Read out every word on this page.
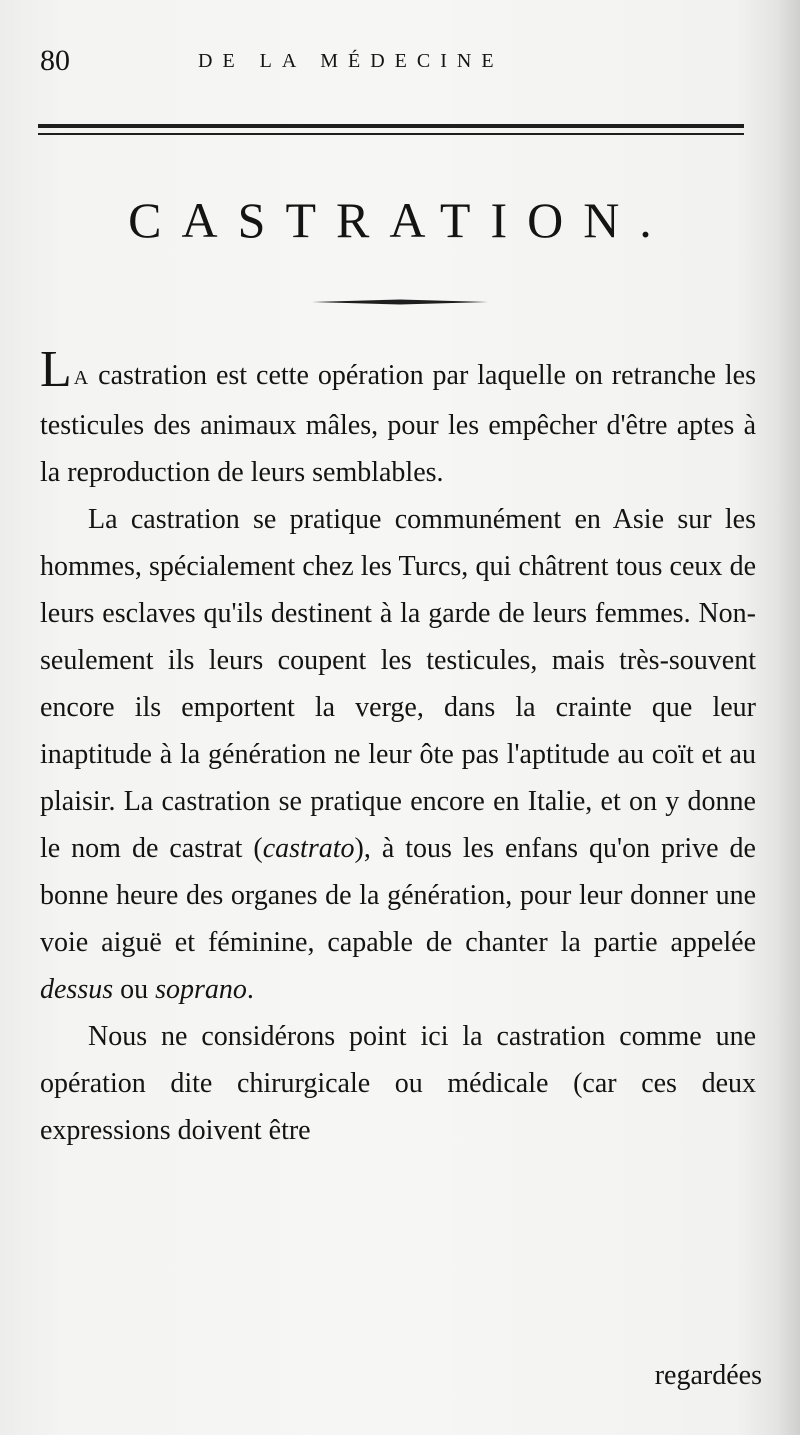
80	DE LA MÉDECINE
CASTRATION.

L A castration est cette opération par laquelle on retranche les testicules des animaux mâles, pour les empêcher d'être aptes à la reproduction de leurs semblables.

La castration se pratique communément en Asie sur les hommes, spécialement chez les Turcs, qui châtrent tous ceux de leurs esclaves qu'ils destinent à la garde de leurs femmes. Non-seulement ils leurs coupent les testicules, mais très-souvent encore ils emportent la verge, dans la crainte que leur inaptitude à la génération ne leur ôte pas l'aptitude au coït et au plaisir. La castration se pratique encore en Italie, et on y donne le nom de castrat (castrato), à tous les enfans qu'on prive de bonne heure des organes de la génération, pour leur donner une voie aiguë et féminine, capable de chanter la partie appelée dessus ou soprano.

Nous ne considérons point ici la castration comme une opération dite chirurgicale ou médicale (car ces deux expressions doivent être

regardées
